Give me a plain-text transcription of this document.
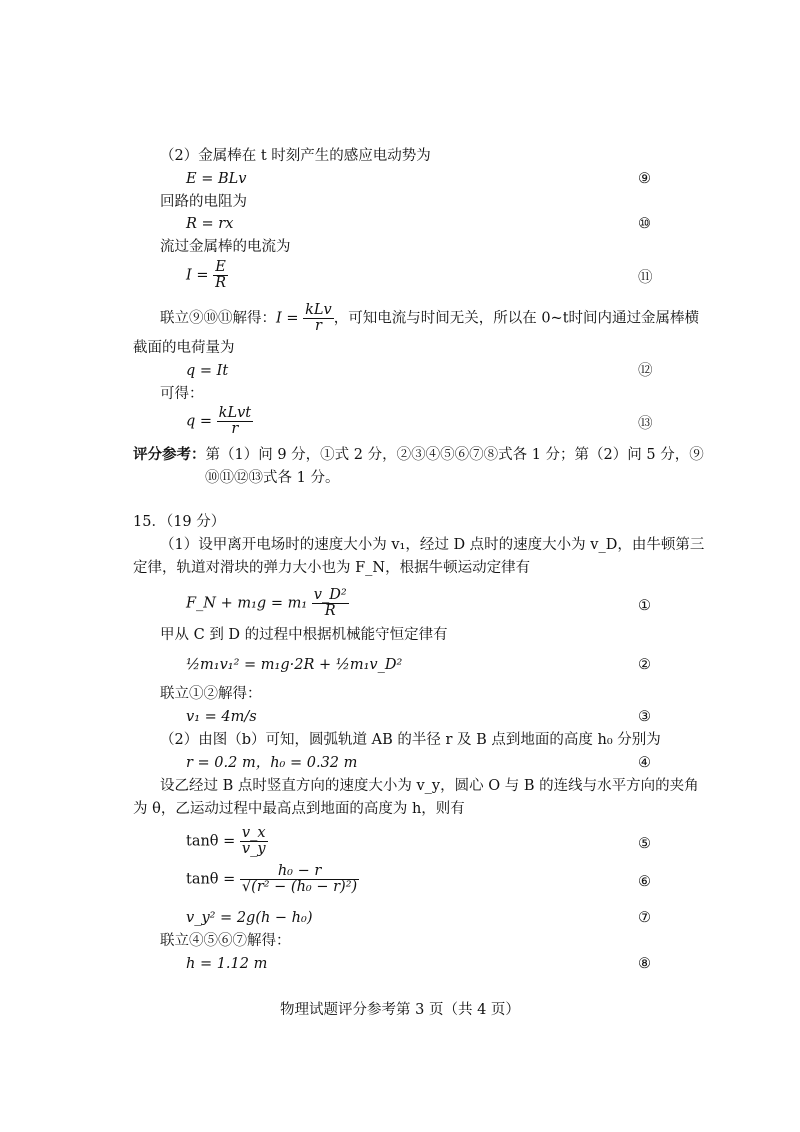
（2）金属棒在 t 时刻产生的感应电动势为
E = BLv	⑨
回路的电阻为
R = rx	⑩
流过金属棒的电流为
$I = \frac{E}{R}$	⑪
联立⑨⑩⑪解得：$I = \frac{\text{kLv}}{r}$ ，可知电流与时间无关，所以在 0~t时间内通过金属棒横
截面的电荷量为
q = It	⑫
可得：
$q = \frac{\text{kLvt}}{r}$	⑬
评分参考：第（1）问 9 分，①式 2 分，②③④⑤⑥⑦⑧式各 1 分；第（2）问 5 分，⑨
⑩⑪⑫⑬式各 1 分。
15．（19 分）
（1）设甲离开电场时的速度大小为 v₁，经过 D 点时的速度大小为 v_D，由牛顿第三
定律，轨道对滑块的弹力大小也为 F_N，根据牛顿运动定律有
F_N + $m_1g = m_1 \frac{\text{v\_D²}}{R}$	①
甲从 C 到 D 的过程中根据机械能守恒定律有
½m₁v₁² = m₁g·2R + ½m₁v_D²	②
联立①②解得：
v₁ = 4m/s	③
（2）由图（b）可知，圆弧轨道 AB 的半径 r 及 B 点到地面的高度 h₀ 分别为
r = 0.2 m，h₀ = 0.32 m	④
设乙经过 B 点时竖直方向的速度大小为 v_y，圆心 O 与 B 的连线与水平方向的夹角
为 θ，乙运动过程中最高点到地面的高度为 h，则有
$\tan\theta = \frac{v\_x}{v\_y}$	⑤
$\tan\theta = \frac{\text{h₀ − r}}{\text{√(r² − (h₀ − r)²)}}$	⑥
v_y² = 2g(h − h₀)	⑦
联立④⑤⑥⑦解得：
h = 1.12 m	⑧
物理试题评分参考第 3 页（共 4 页）
